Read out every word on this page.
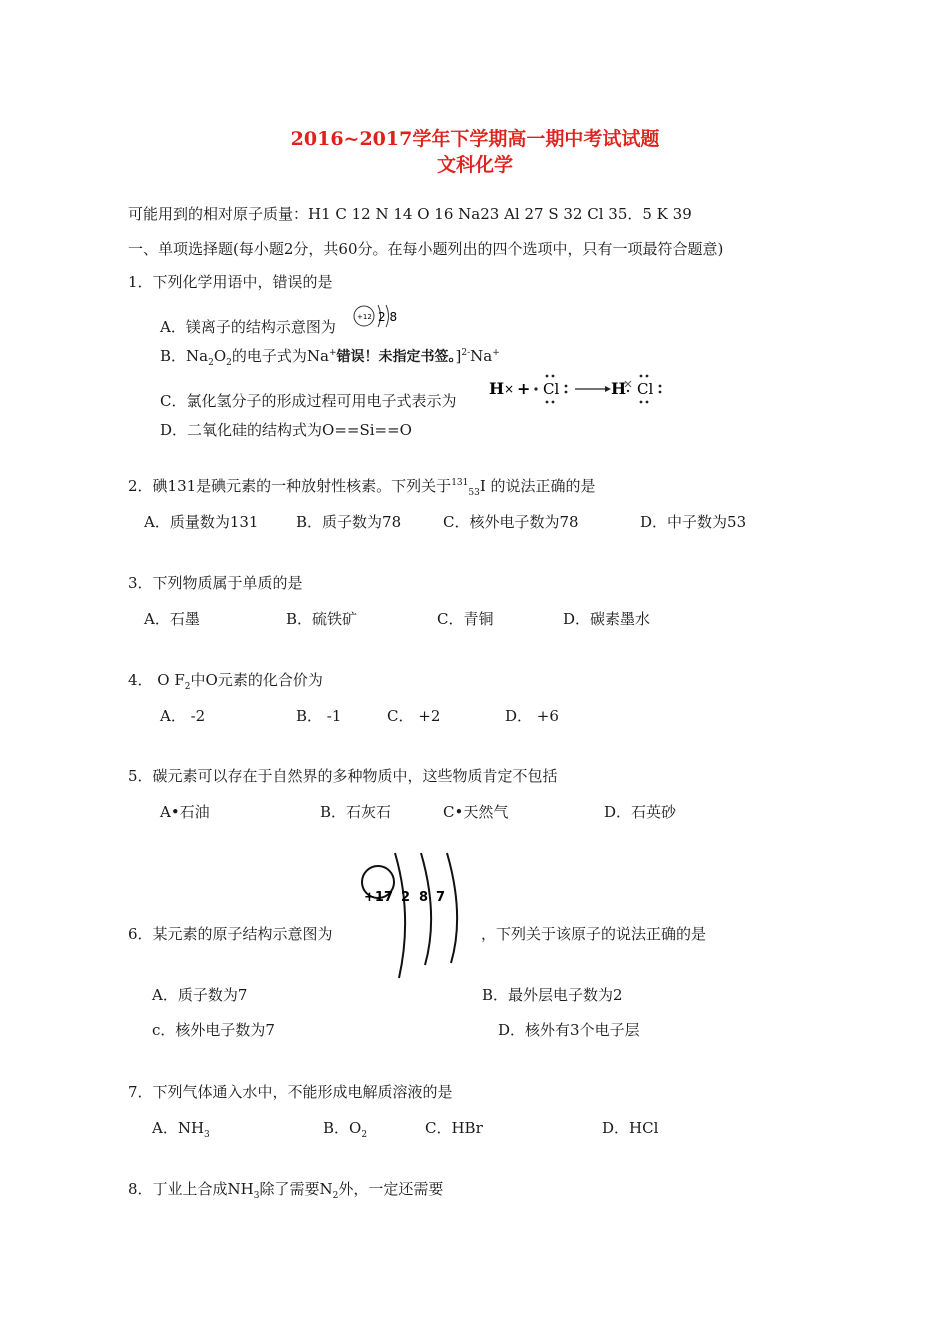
2016~2017学年下学期高一期中考试试题
文科化学
可能用到的相对原子质量：H1 C 12 N 14 O 16 Na23 Al 27 S 32 Cl 35．5 K 39
一、单项选择题(每小题2分，共60分。在每小题列出的四个选项中，只有一项最符合题意)
1．下列化学用语中，错误的是
A．镁离子的结构示意图为
+12 2 8
B．$Na_2O_2$的电子式为Na+错误！未指定书签。]$^{2-}$Na+
C．氯化氢分子的形成过程可用电子式表示为
H × + Cl	H Cl
D．二氧化硅的结构式为O==Si==O
2．碘131是碘元素的一种放射性核素。下列关于$^{131}_{53}$I 的说法正确的是
A．质量数为131	B．质子数为78	C．核外电子数为78	D．中子数为53
3．下列物质属于单质的是
A．石墨	B．硫铁矿	C．青铜	D．碳素墨水
4． O $F_2$中O元素的化合价为
A． -2	B． -1	C． +2	D． +6
5．碳元素可以存在于自然界的多种物质中，这些物质肯定不包括
A•石油	B．石灰石	C•天然气	D．石英砂
+17 2 8 7
6．某元素的原子结构示意图为	，下列关于该原子的说法正确的是
A．质子数为7	B．最外层电子数为2
c．核外电子数为7	D．核外有3个电子层
7．下列气体通入水中，不能形成电解质溶液的是
A．$NH_3$	B．$O_2$	C．HBr	D．HCl
8．丁业上合成$NH_3$除了需要$N_2$外，一定还需要
